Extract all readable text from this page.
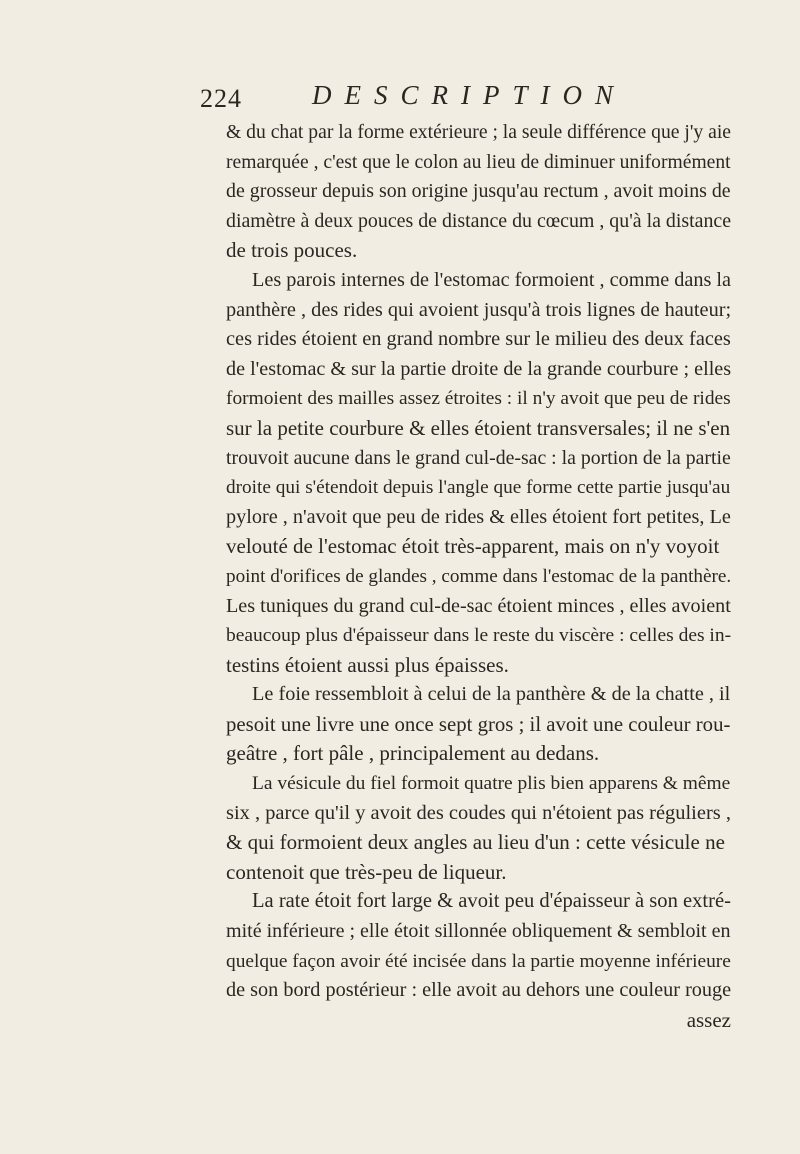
224	DESCRIPTION
& du chat par la forme extérieure ; la seule différence que j'y aie
remarquée , c'est que le colon au lieu de diminuer uniformément
de grosseur depuis son origine jusqu'au rectum , avoit moins de
diamètre à deux pouces de distance du cœcum , qu'à la distance
de trois pouces.
Les parois internes de l'estomac formoient , comme dans la
panthère , des rides qui avoient jusqu'à trois lignes de hauteur;
ces rides étoient en grand nombre sur le milieu des deux faces
de l'estomac & sur la partie droite de la grande courbure ; elles
formoient des mailles assez étroites : il n'y avoit que peu de rides
sur la petite courbure & elles étoient transversales; il ne s'en
trouvoit aucune dans le grand cul-de-sac : la portion de la partie
droite qui s'étendoit depuis l'angle que forme cette partie jusqu'au
pylore , n'avoit que peu de rides & elles étoient fort petites, Le
velouté de l'estomac étoit très-apparent, mais on n'y voyoit
point d'orifices de glandes , comme dans l'estomac de la panthère.
Les tuniques du grand cul-de-sac étoient minces , elles avoient
beaucoup plus d'épaisseur dans le reste du viscère : celles des in-
testins étoient aussi plus épaisses.
Le foie ressembloit à celui de la panthère & de la chatte , il
pesoit une livre une once sept gros ; il avoit une couleur rou-
geâtre , fort pâle , principalement au dedans.
La vésicule du fiel formoit quatre plis bien apparens & même
six , parce qu'il y avoit des coudes qui n'étoient pas réguliers ,
& qui formoient deux angles au lieu d'un : cette vésicule ne
contenoit que très-peu de liqueur.
La rate étoit fort large & avoit peu d'épaisseur à son extré-
mité inférieure ; elle étoit sillonnée obliquement & sembloit en
quelque façon avoir été incisée dans la partie moyenne inférieure
de son bord postérieur : elle avoit au dehors une couleur rouge
assez
